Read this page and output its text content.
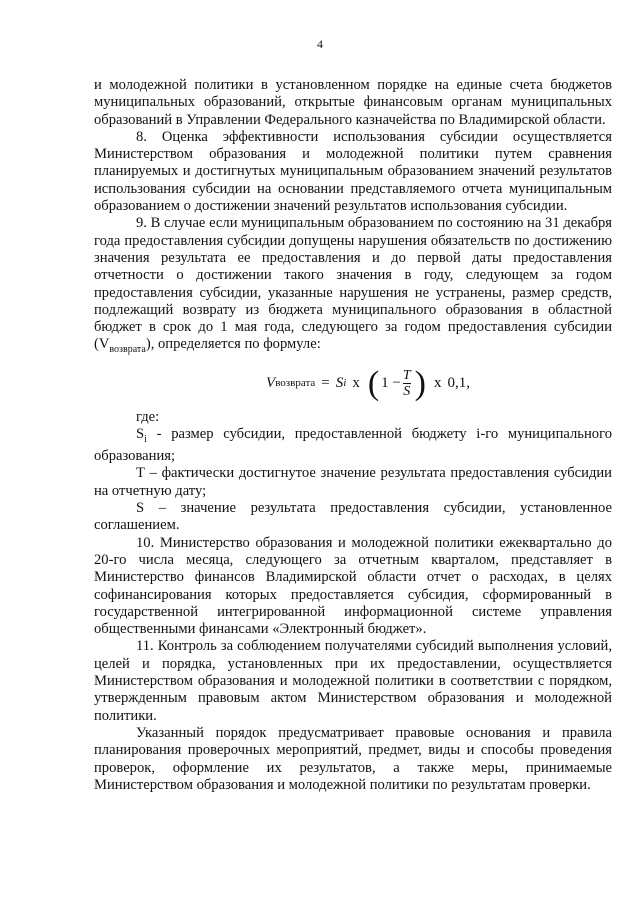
4

и молодежной политики в установленном порядке на единые счета бюджетов муниципальных образований, открытые финансовым органам муниципальных образований в Управлении Федерального казначейства по Владимирской области.

8. Оценка эффективности использования субсидии осуществляется Министерством образования и молодежной политики путем сравнения планируемых и достигнутых муниципальным образованием значений результатов использования субсидии на основании представляемого отчета муниципальным образованием о достижении значений результатов использования субсидии.

9. В случае если муниципальным образованием по состоянию на 31 декабря года предоставления субсидии допущены нарушения обязательств по достижению значения результата ее предоставления и до первой даты предоставления отчетности о достижении такого значения в году, следующем за годом предоставления субсидии, указанные нарушения не устранены, размер средств, подлежащий возврату из бюджета муниципального образования в областной бюджет в срок до 1 мая года, следующего за годом предоставления субсидии $(V_{возврата})$, определяется по формуле:

V возврата = S i x ( $1 - \frac{T}{S}$ ) x 0,1,

где:

$S_i$ - размер субсидии, предоставленной бюджету i-го муниципального образования;

Т – фактически достигнутое значение результата предоставления субсидии на отчетную дату;

S – значение результата предоставления субсидии, установленное соглашением.

10. Министерство образования и молодежной политики ежеквартально до 20-го числа месяца, следующего за отчетным кварталом, представляет в Министерство финансов Владимирской области отчет о расходах, в целях софинансирования которых предоставляется субсидия, сформированный в государственной интегрированной информационной системе управления общественными финансами «Электронный бюджет».

11. Контроль за соблюдением получателями субсидий выполнения условий, целей и порядка, установленных при их предоставлении, осуществляется Министерством образования и молодежной политики в соответствии с порядком, утвержденным правовым актом Министерством образования и молодежной политики.

Указанный порядок предусматривает правовые основания и правила планирования проверочных мероприятий, предмет, виды и способы проведения проверок, оформление их результатов, а также меры, принимаемые Министерством образования и молодежной политики по результатам проверки.
